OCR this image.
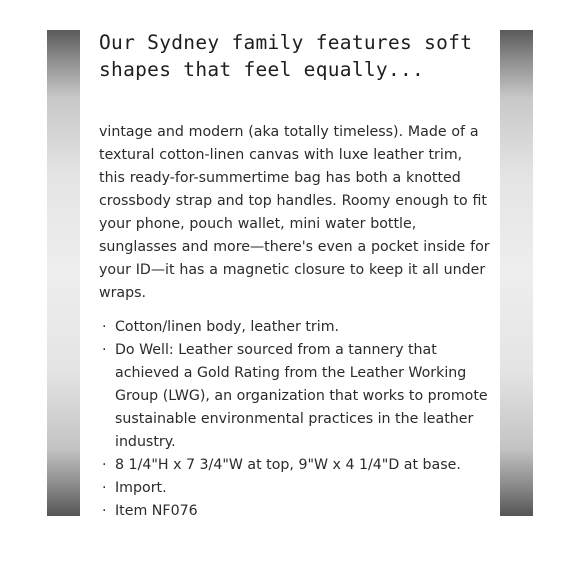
Our Sydney family features soft shapes that feel equally...

vintage and modern (aka totally timeless). Made of a textural cotton-linen canvas with luxe leather trim, this ready-for-summertime bag has both a knotted crossbody strap and top handles. Roomy enough to fit your phone, pouch wallet, mini water bottle, sunglasses and more—there's even a pocket inside for your ID—it has a magnetic closure to keep it all under wraps.

· Cotton/linen body, leather trim.
· Do Well: Leather sourced from a tannery that achieved a Gold Rating from the Leather Working Group (LWG), an organization that works to promote sustainable environmental practices in the leather industry.
· 8 1/4"H x 7 3/4"W at top, 9"W x 4 1/4"D at base.
· Import.
· Item NF076
